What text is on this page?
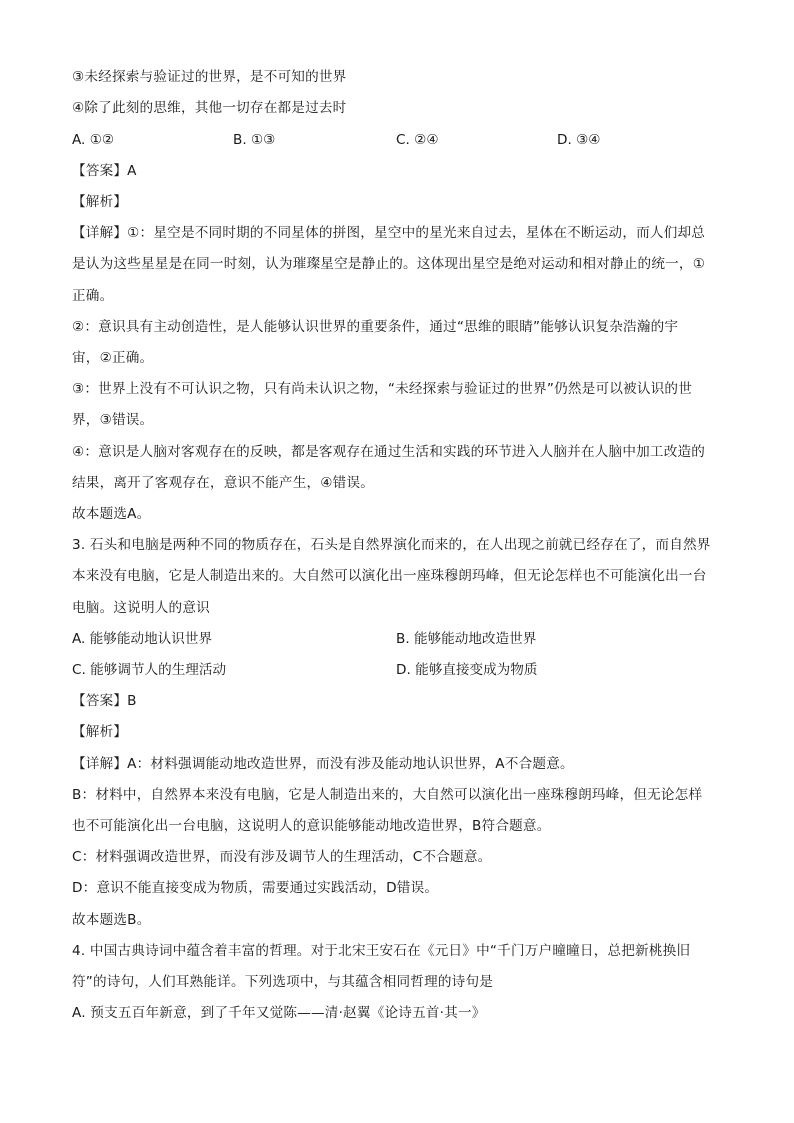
③未经探索与验证过的世界，是不可知的世界
④除了此刻的思维，其他一切存在都是过去时
A. ①②	B. ①③	C. ②④	D. ③④
【答案】A
【解析】
【详解】①：星空是不同时期的不同星体的拼图，星空中的星光来自过去，星体在不断运动，而人们却总
是认为这些星星是在同一时刻，认为璀璨星空是静止的。这体现出星空是绝对运动和相对静止的统一，①
正确。
②：意识具有主动创造性，是人能够认识世界的重要条件，通过“思维的眼睛”能够认识复杂浩瀚的宇
宙，②正确。
③：世界上没有不可认识之物，只有尚未认识之物，“未经探索与验证过的世界”仍然是可以被认识的世
界，③错误。
④：意识是人脑对客观存在的反映，都是客观存在通过生活和实践的环节进入人脑并在人脑中加工改造的
结果，离开了客观存在，意识不能产生，④错误。
故本题选A。
3. 石头和电脑是两种不同的物质存在，石头是自然界演化而来的，在人出现之前就已经存在了，而自然界
本来没有电脑，它是人制造出来的。大自然可以演化出一座珠穆朗玛峰，但无论怎样也不可能演化出一台
电脑。这说明人的意识
A. 能够能动地认识世界	B. 能够能动地改造世界
C. 能够调节人的生理活动	D. 能够直接变成为物质
【答案】B
【解析】
【详解】A：材料强调能动地改造世界，而没有涉及能动地认识世界，A不合题意。
B：材料中，自然界本来没有电脑，它是人制造出来的，大自然可以演化出一座珠穆朗玛峰，但无论怎样
也不可能演化出一台电脑，这说明人的意识能够能动地改造世界，B符合题意。
C：材料强调改造世界，而没有涉及调节人的生理活动，C不合题意。
D：意识不能直接变成为物质，需要通过实践活动，D错误。
故本题选B。
4. 中国古典诗词中蕴含着丰富的哲理。对于北宋王安石在《元日》中“千门万户曈曈日，总把新桃换旧
符”的诗句，人们耳熟能详。下列选项中，与其蕴含相同哲理的诗句是
A. 预支五百年新意，到了千年又觉陈——清·赵翼《论诗五首·其一》
